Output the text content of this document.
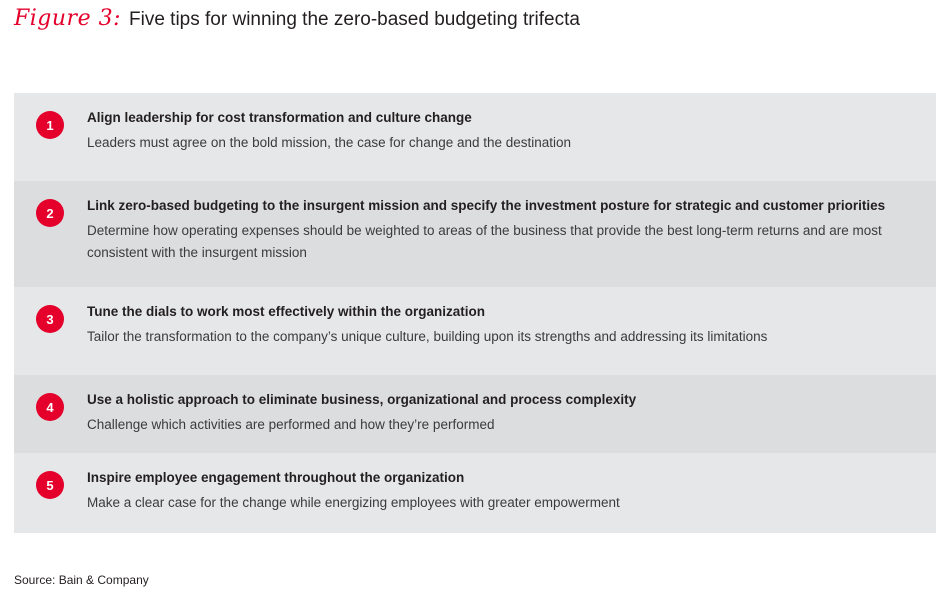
Figure 3: Five tips for winning the zero-based budgeting trifecta
1	Align leadership for cost transformation and culture change

Leaders must agree on the bold mission, the case for change and the destination

2	Link zero-based budgeting to the insurgent mission and specify the investment posture for strategic and customer priorities

Determine how operating expenses should be weighted to areas of the business that provide the best long-term returns and are most consistent with the insurgent mission

3	Tune the dials to work most effectively within the organization

Tailor the transformation to the company’s unique culture, building upon its strengths and addressing its limitations

4	Use a holistic approach to eliminate business, organizational and process complexity

Challenge which activities are performed and how they’re performed

5	Inspire employee engagement throughout the organization

Make a clear case for the change while energizing employees with greater empowerment

Source: Bain & Company
